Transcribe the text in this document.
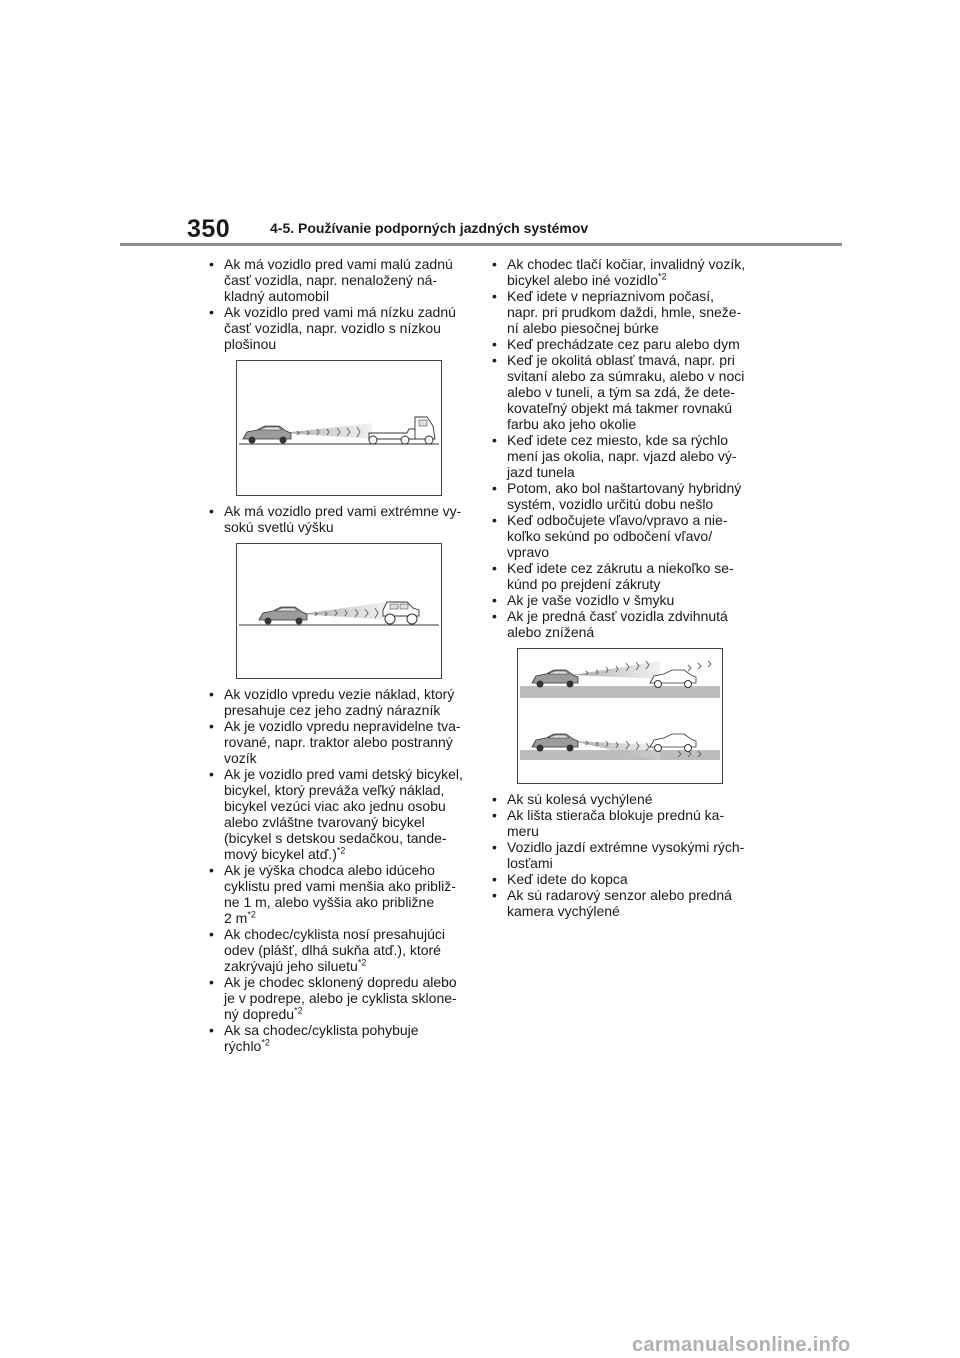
350	4-5. Používanie podporných jazdných systémov
• Ak má vozidlo pred vami malú zadnú
časť vozidla, napr. nenaložený ná-
kladný automobil
• Ak vozidlo pred vami má nízku zadnú
časť vozidla, napr. vozidlo s nízkou
plošinou
• Ak má vozidlo pred vami extrémne vy-
sokú svetlú výšku
• Ak vozidlo vpredu vezie náklad, ktorý
presahuje cez jeho zadný nárazník
• Ak je vozidlo vpredu nepravidelne tva-
rované, napr. traktor alebo postranný
vozík
• Ak je vozidlo pred vami detský bicykel,
bicykel, ktorý preváža veľký náklad,
bicykel vezúci viac ako jednu osobu
alebo zvláštne tvarovaný bicykel
(bicykel s detskou sedačkou, tande-
mový bicykel atď.)$^{*2}$
• Ak je výška chodca alebo idúceho
cyklistu pred vami menšia ako približ-
ne 1 m, alebo vyššia ako približne
2 $m^{*2}$
• Ak chodec/cyklista nosí presahujúci
odev (plášť, dlhá sukňa atď.), ktoré
zakrývajú jeho siluetu$^{*2}$
• Ak je chodec sklonený dopredu alebo
je v podrepe, alebo je cyklista sklone-
ný dopredu$^{*2}$
• Ak sa chodec/cyklista pohybuje
rýchlo$^{*2}$
• Ak chodec tlačí kočiar, invalidný vozík,
bicykel alebo iné vozidlo$^{*2}$
• Keď idete v nepriaznivom počasí,
napr. pri prudkom daždi, hmle, sneže-
ní alebo piesočnej búrke
• Keď prechádzate cez paru alebo dym
• Keď je okolitá oblasť tmavá, napr. pri
svitaní alebo za súmraku, alebo v noci
alebo v tuneli, a tým sa zdá, že dete-
kovateľný objekt má takmer rovnakú
farbu ako jeho okolie
• Keď idete cez miesto, kde sa rýchlo
mení jas okolia, napr. vjazd alebo vý-
jazd tunela
• Potom, ako bol naštartovaný hybridný
systém, vozidlo určitú dobu nešlo
• Keď odbočujete vľavo/vpravo a nie-
koľko sekúnd po odbočení vľavo/
vpravo
• Keď idete cez zákrutu a niekoľko se-
kúnd po prejdení zákruty
• Ak je vaše vozidlo v šmyku
• Ak je predná časť vozidla zdvihnutá
alebo znížená
• Ak sú kolesá vychýlené
• Ak lišta stierača blokuje prednú ka-
meru
• Vozidlo jazdí extrémne vysokými rých-
losťami
• Keď idete do kopca
• Ak sú radarový senzor alebo predná
kamera vychýlené
carmanualsonline.info
